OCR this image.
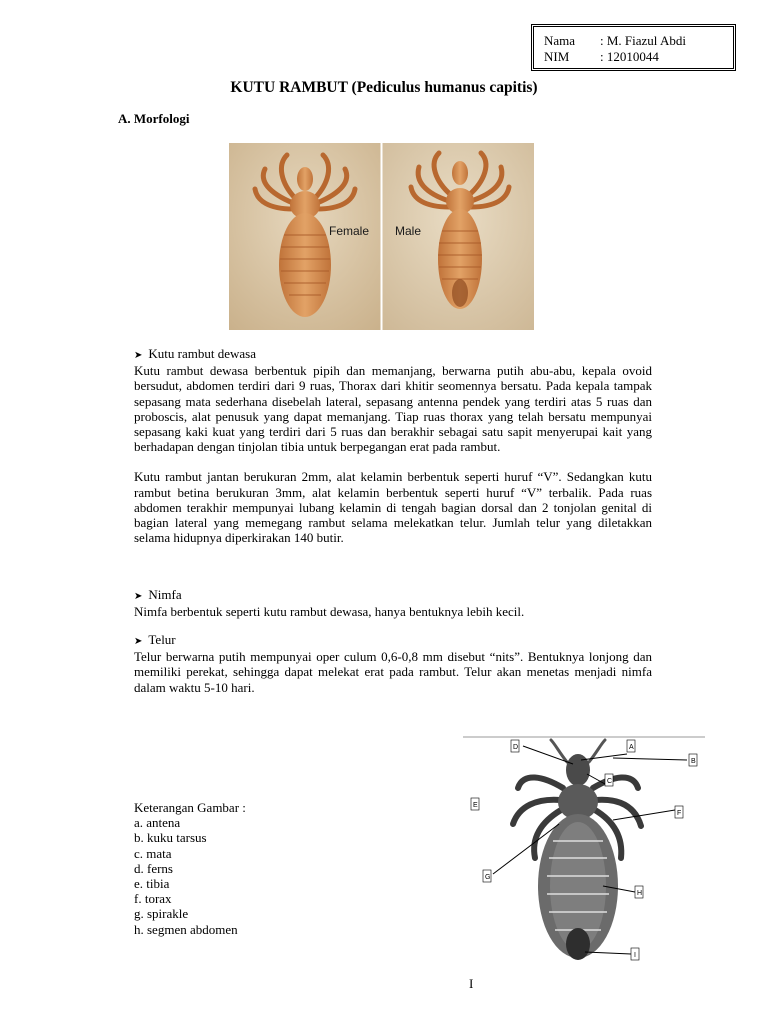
Nama	: M. Fiazul Abdi
NIM	: 12010044
KUTU RAMBUT (Pediculus humanus capitis)
A. Morfologi
Female Male
➤ Kutu rambut dewasa

Kutu rambut dewasa berbentuk pipih dan memanjang, berwarna putih abu-abu, kepala ovoid bersudut, abdomen terdiri dari 9 ruas, Thorax dari khitir seomennya bersatu. Pada kepala tampak sepasang mata sederhana disebelah lateral, sepasang antenna pendek yang terdiri atas 5 ruas dan proboscis, alat penusuk yang dapat memanjang. Tiap ruas thorax yang telah bersatu mempunyai sepasang kaki kuat yang terdiri dari 5 ruas dan berakhir sebagai satu sapit menyerupai kait yang berhadapan dengan tinjolan tibia untuk berpegangan erat pada rambut.

Kutu rambut jantan berukuran 2mm, alat kelamin berbentuk seperti huruf “V”. Sedangkan kutu rambut betina berukuran 3mm, alat kelamin berbentuk seperti huruf “V” terbalik. Pada ruas abdomen terakhir mempunyai lubang kelamin di tengah bagian dorsal dan 2 tonjolan genital di bagian lateral yang memegang rambut selama melekatkan telur. Jumlah telur yang diletakkan selama hidupnya diperkirakan 140 butir.

➤ Nimfa

Nimfa berbentuk seperti kutu rambut dewasa, hanya bentuknya lebih kecil.

➤ Telur

Telur berwarna putih mempunyai oper culum 0,6-0,8 mm disebut “nits”. Bentuknya lonjong dan memiliki perekat, sehingga dapat melekat erat pada rambut. Telur akan menetas menjadi nimfa dalam waktu 5-10 hari.

Keterangan Gambar :
a. antena
b. kuku tarsus
c. mata
d. ferns
e. tibia
f. torax
g. spirakle
h. segmen abdomen
D	A
B
C
E
F
G
H
I
I
